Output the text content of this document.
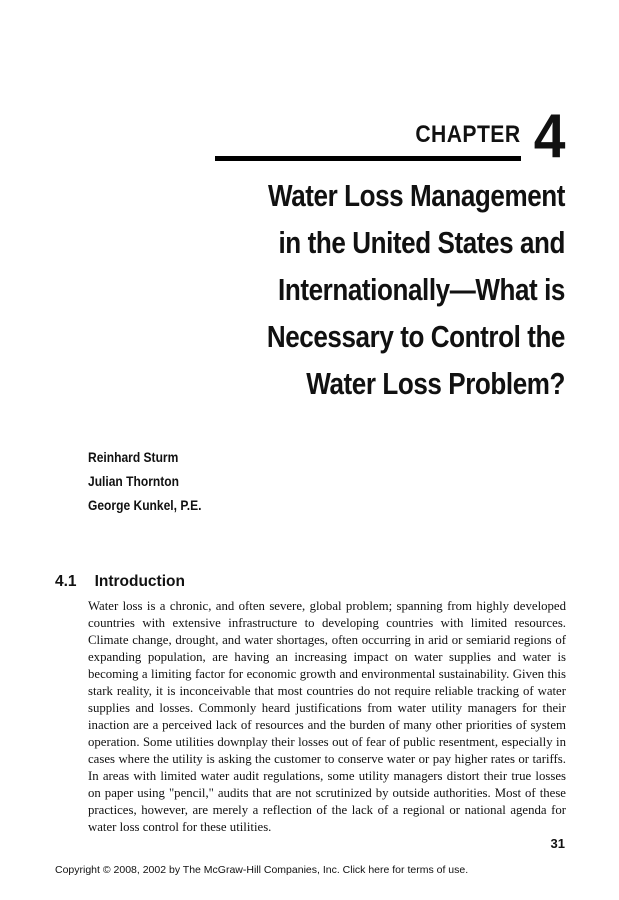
CHAPTER 4
Water Loss Management
in the United States and
Internationally—What is
Necessary to Control the
Water Loss Problem?
Reinhard Sturm
Julian Thornton
George Kunkel, P.E.
4.1 Introduction
Water loss is a chronic, and often severe, global problem; spanning from highly developed countries with extensive infrastructure to developing countries with limited resources. Climate change, drought, and water shortages, often occurring in arid or semiarid regions of expanding population, are having an increasing impact on water supplies and water is becoming a limiting factor for economic growth and environmental sustainability. Given this stark reality, it is inconceivable that most countries do not require reliable tracking of water supplies and losses. Commonly heard justifications from water utility managers for their inaction are a perceived lack of resources and the burden of many other priorities of system operation. Some utilities downplay their losses out of fear of public resentment, especially in cases where the utility is asking the customer to conserve water or pay higher rates or tariffs. In areas with limited water audit regulations, some utility managers distort their true losses on paper using "pencil," audits that are not scrutinized by outside authorities. Most of these practices, however, are merely a reflection of the lack of a regional or national agenda for water loss control for these utilities.
31
Copyright © 2008, 2002 by The McGraw-Hill Companies, Inc. Click here for terms of use.
